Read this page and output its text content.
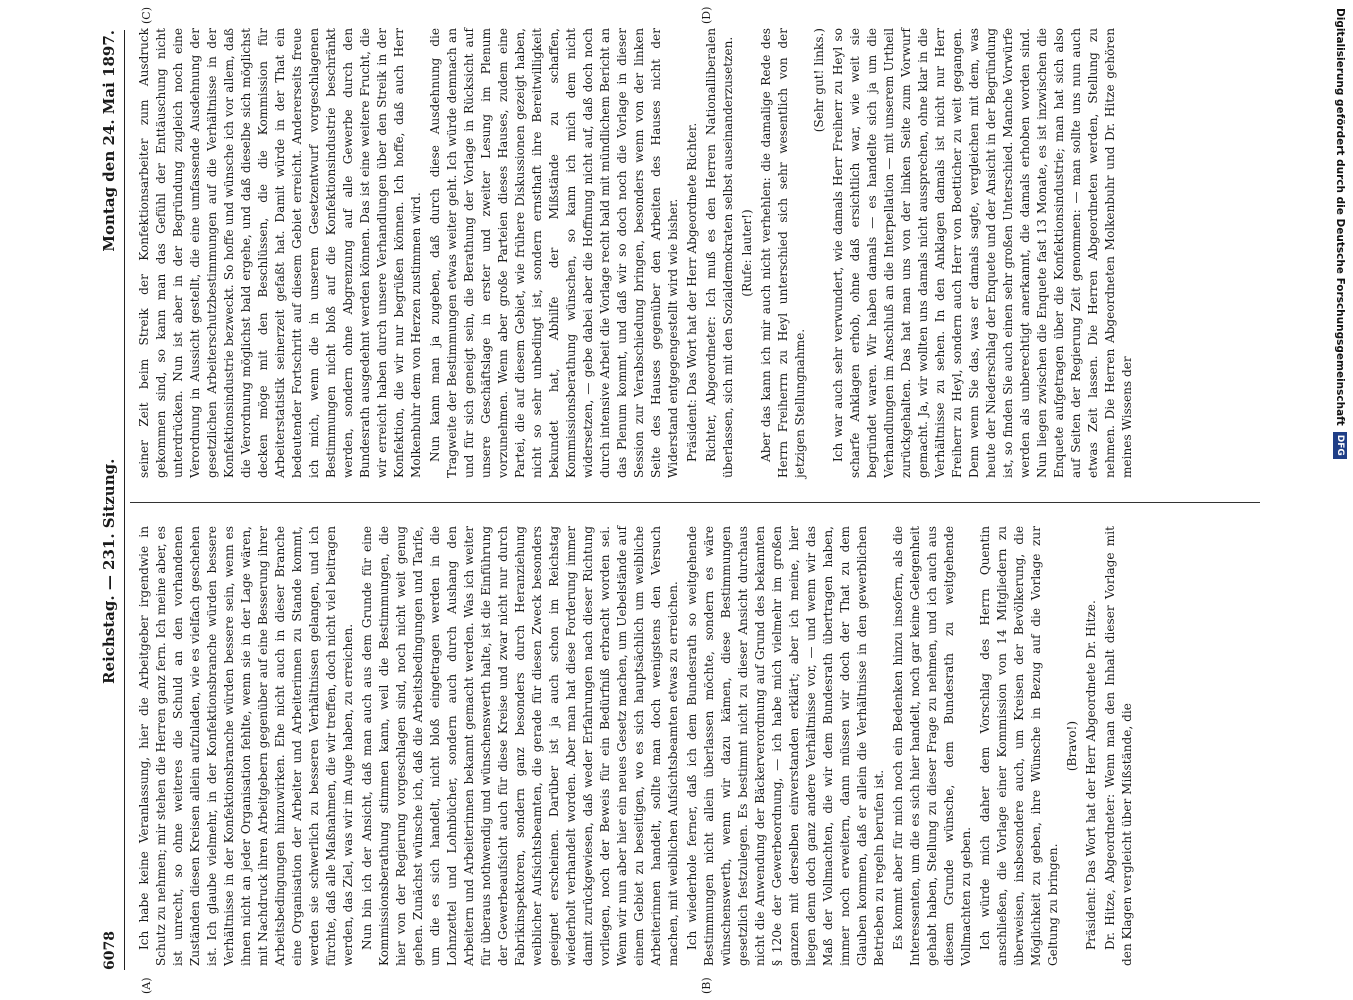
6078
Reichstag. — 231. Sitzung.
Montag den 24. Mai 1897.
(A)	(B)
(C)	(D)

Ich habe keine Veranlassung, hier die Arbeitgeber irgendwie in Schutz zu nehmen; mir stehen die Herren ganz fern. Ich meine aber, es ist unrecht, so ohne weiteres die Schuld an den vorhandenen Zuständen diesen Kreisen allein aufzuladen, wie es vielfach geschehen ist. Ich glaube vielmehr, in der Konfektionsbranche würden bessere Verhältnisse in der Konfektionsbranche würden bessere sein, wenn es ihnen nicht an jeder Organisation fehlte, wenn sie in der Lage wären, mit Nachdruck ihren Arbeitgebern gegenüber auf eine Besserung ihrer Arbeitsbedingungen hinzuwirken. Ehe nicht auch in dieser Branche eine Organisation der Arbeiter und Arbeiterinnen zu Stande kommt, werden sie schwerlich zu besseren Verhältnissen gelangen, und ich fürchte, daß alle Maßnahmen, die wir treffen, doch nicht viel beitragen werden, das Ziel, was wir im Auge haben, zu erreichen. Nun bin ich der Ansicht, daß man auch aus dem Grunde für eine Kommissionsberathung stimmen kann, weil die Bestimmungen, die hier von der Regierung vorgeschlagen sind, noch nicht weit genug gehen. Zunächst wünsche ich, daß die Arbeitsbedingungen und Tarife, um die es sich handelt, nicht bloß eingetragen werden in die Lohnzettel und Lohnbücher, sondern auch durch Aushang den Arbeitern und Arbeiterinnen bekannt gemacht werden. Was ich weiter für überaus nothwendig und wünschenswerth halte, ist die Einführung der Gewerbeaufsicht auch für diese Kreise und zwar nicht nur durch Fabrikinspektoren, sondern ganz besonders durch Heranziehung weiblicher Aufsichtsbeamten, die gerade für diesen Zweck besonders geeignet erscheinen. Darüber ist ja auch schon im Reichstag wiederholt verhandelt worden. Aber man hat diese Forderung immer damit zurückgewiesen, daß weder Erfahrungen nach dieser Richtung vorliegen, noch der Beweis für ein Bedürfniß erbracht worden sei. Wenn wir nun aber hier ein neues Gesetz machen, um Uebelstände auf einem Gebiet zu beseitigen, wo es sich hauptsächlich um weibliche Arbeiterinnen handelt, sollte man doch wenigstens den Versuch machen, mit weiblichen Aufsichtsbeamten etwas zu erreichen. Ich wiederhole ferner, daß ich dem Bundesrath so weitgehende Bestimmungen nicht allein überlassen möchte, sondern es wäre wünschenswerth, wenn wir dazu kämen, diese Bestimmungen gesetzlich festzulegen. Es bestimmt nicht zu dieser Ansicht durchaus nicht die Anwendung der Bäckerverordnung auf Grund des bekannten § 120e der Gewerbeordnung, — ich habe mich vielmehr im großen ganzen mit derselben einverstanden erklärt; aber ich meine, hier liegen denn doch ganz andere Verhältnisse vor, — und wenn wir das Maß der Vollmachten, die wir dem Bundesrath übertragen haben, immer noch erweitern, dann müssen wir doch der That zu dem Glauben kommen, daß er allein die Verhältnisse in den gewerblichen Betrieben zu regeln berufen ist. Es kommt aber für mich noch ein Bedenken hinzu insofern, als die Interessenten, um die es sich hier handelt, noch gar keine Gelegenheit gehabt haben, Stellung zu dieser Frage zu nehmen, und ich auch aus diesem Grunde wünsche, dem Bundesrath zu weitgehende Vollmachten zu geben. Ich würde mich daher dem Vorschlag des Herrn Quentin anschließen, die Vorlage einer Kommission von 14 Mitgliedern zu überweisen, insbesondere auch, um Kreisen der Bevölkerung, die Möglichkeit zu geben, ihre Wünsche in Bezug auf die Vorlage zur Geltung zu bringen.

(Bravo!) Präsident: Das Wort hat der Herr Abgeordnete Dr. Hitze. Dr. Hitze, Abgeordneter: Wenn man den Inhalt dieser Vorlage mit den Klagen vergleicht über Mißstände, die

seiner Zeit beim Streik der Konfektionsarbeiter zum Ausdruck gekommen sind, so kann man das Gefühl der Enttäuschung nicht unterdrücken. Nun ist aber in der Begründung zugleich noch eine Verordnung in Aussicht gestellt, die eine umfassende Ausdehnung der gesetzlichen Arbeiterschutzbestimmungen auf die Verhältnisse in der Konfektionsindustrie bezweckt. So hoffe und wünsche ich vor allem, daß die Verordnung möglichst bald ergehe, und daß dieselbe sich möglichst decken möge mit den Beschlüssen, die die Kommission für Arbeiterstatistik seinerzeit gefaßt hat. Damit würde in der That ein bedeutender Fortschritt auf diesem Gebiet erreicht. Andererseits freue ich mich, wenn die in unserem Gesetzentwurf vorgeschlagenen Bestimmungen nicht bloß auf die Konfektionsindustrie beschränkt werden, sondern ohne Abgrenzung auf alle Gewerbe durch den Bundesrath ausgedehnt werden können. Das ist eine weitere Frucht, die wir erreicht haben durch unsere Verhandlungen über den Streik in der Konfektion, die wir nur begrüßen können. Ich hoffe, daß auch Herr Molkenbuhr dem von Herzen zustimmen wird. Nun kann man ja zugeben, daß durch diese Ausdehnung die Tragweite der Bestimmungen etwas weiter geht. Ich würde demnach an und für sich geneigt sein, die Berathung der Vorlage in Rücksicht auf unsere Geschäftslage in erster und zweiter Lesung im Plenum vorzunehmen. Wenn aber große Parteien dieses Hauses, zudem eine Partei, die auf diesem Gebiet, wie frühere Diskussionen gezeigt haben, nicht so sehr unbedingt ist, sondern ernsthaft ihre Bereitwilligkeit bekundet hat, Abhilfe der Mißstände zu schaffen, Kommissionsberathung wünschen, so kann ich mich dem nicht widersetzen, — gebe dabei aber die Hoffnung nicht auf, daß doch noch durch intensive Arbeit die Vorlage recht bald mit mündlichem Bericht an das Plenum kommt, und daß wir so doch noch die Vorlage in dieser Session zur Verabschiedung bringen, besonders wenn von der linken Seite des Hauses gegenüber den Arbeiten des Hauses nicht der Widerstand entgegengestellt wird wie bisher. Präsident: Das Wort hat der Herr Abgeordnete Richter. Richter, Abgeordneter: Ich muß es den Herren Nationalliberalen überlassen, sich mit den Sozialdemokraten selbst auseinanderzusetzen. (Rufe: lauter!) Aber das kann ich mir auch nicht verhehlen: die damalige Rede des Herrn Freiherrn zu Heyl unterschied sich sehr wesentlich von der jetzigen Stellungnahme.

(Sehr gut! links.) Ich war auch sehr verwundert, wie damals Herr Freiherr zu Heyl so scharfe Anklagen erhob, ohne daß ersichtlich war, wie weit sie begründet waren. Wir haben damals — es handelte sich ja um die Verhandlungen im Anschluß an die Interpellation — mit unserem Urtheil zurückgehalten. Das hat man uns von der linken Seite zum Vorwurf gemacht. Ja, wir wollten uns damals nicht aussprechen, ohne klar in die Verhältnisse zu sehen. In den Anklagen damals ist nicht nur Herr Freiherr zu Heyl, sondern auch Herr von Boetticher zu weit gegangen. Denn wenn Sie das, was er damals sagte, vergleichen mit dem, was heute der Niederschlag der Enquete und der Ansicht in der Begründung ist, so finden Sie auch einen sehr großen Unterschied. Manche Vorwürfe werden als unberechtigt anerkannt, die damals erhoben worden sind. Nun liegen zwischen die Enquete fast 13 Monate, es ist inzwischen die Enquete aufgetragen über die Konfektionsindustrie; man hat sich also auf Seiten der Regierung Zeit genommen: — man sollte uns nun auch etwas Zeit lassen. Die Herren Abgeordneten werden, Stellung zu nehmen. Die Herren Abgeordneten Molkenbuhr und Dr. Hitze gehören meines Wissens der	Digitalisierung gefördert durch die Deutsche Forschungsgemeinschaft
DFG
